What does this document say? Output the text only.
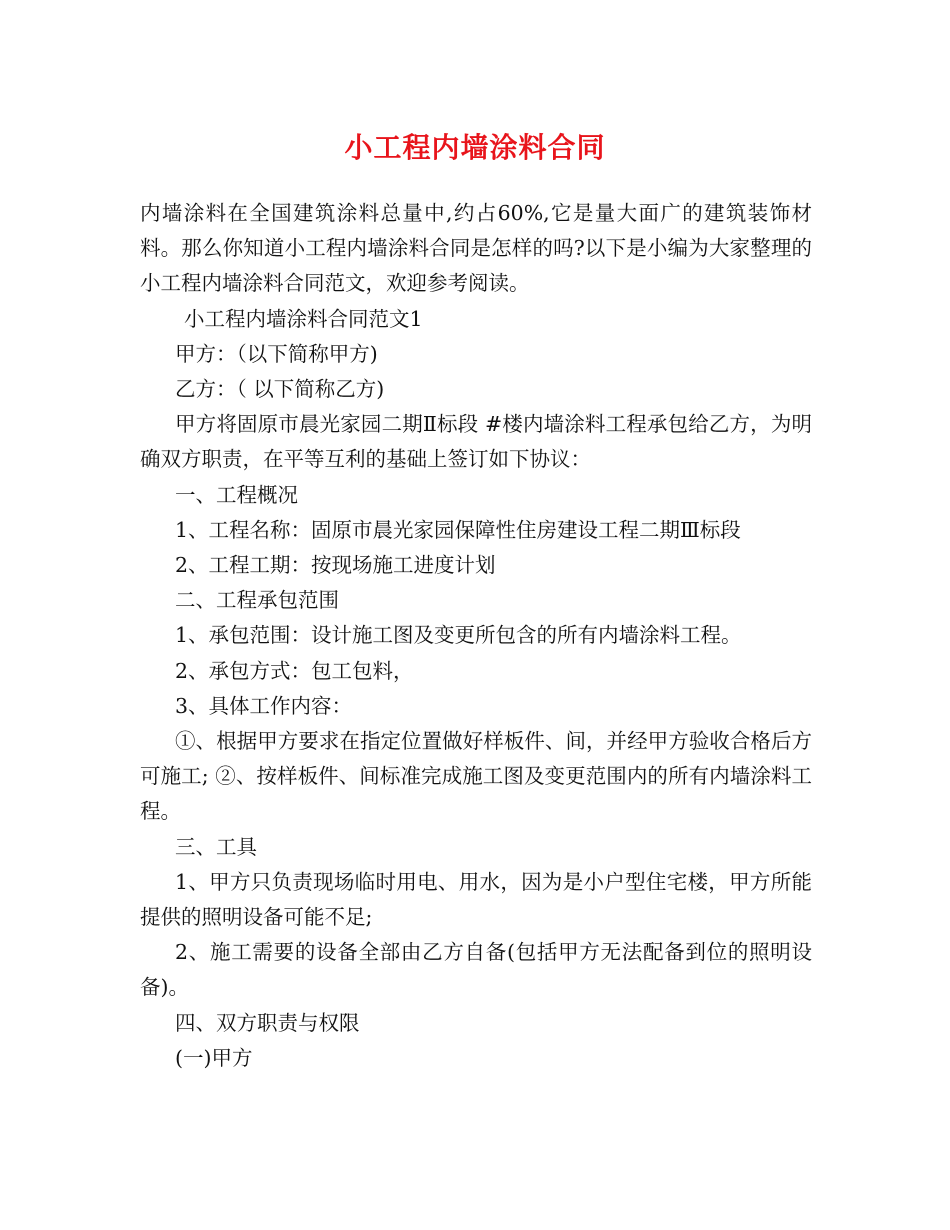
小工程内墙涂料合同

内墙涂料在全国建筑涂料总量中,约占60%,它是量大面广的建筑装饰材料。那么你知道小工程内墙涂料合同是怎样的吗?以下是小编为大家整理的小工程内墙涂料合同范文，欢迎参考阅读。

小工程内墙涂料合同范文1

甲方：（以下简称甲方)

乙方：（ 以下简称乙方)

甲方将固原市晨光家园二期Ⅱ标段 #楼内墙涂料工程承包给乙方，为明确双方职责，在平等互利的基础上签订如下协议：

一、工程概况

1、工程名称：固原市晨光家园保障性住房建设工程二期Ⅲ标段

2、工程工期：按现场施工进度计划

二、工程承包范围

1、承包范围：设计施工图及变更所包含的所有内墙涂料工程。

2、承包方式：包工包料，

3、具体工作内容：

①、根据甲方要求在指定位置做好样板件、间，并经甲方验收合格后方可施工; ②、按样板件、间标准完成施工图及变更范围内的所有内墙涂料工程。

三、工具

1、甲方只负责现场临时用电、用水，因为是小户型住宅楼，甲方所能提供的照明设备可能不足;

2、施工需要的设备全部由乙方自备(包括甲方无法配备到位的照明设备)。

四、双方职责与权限

(一)甲方
